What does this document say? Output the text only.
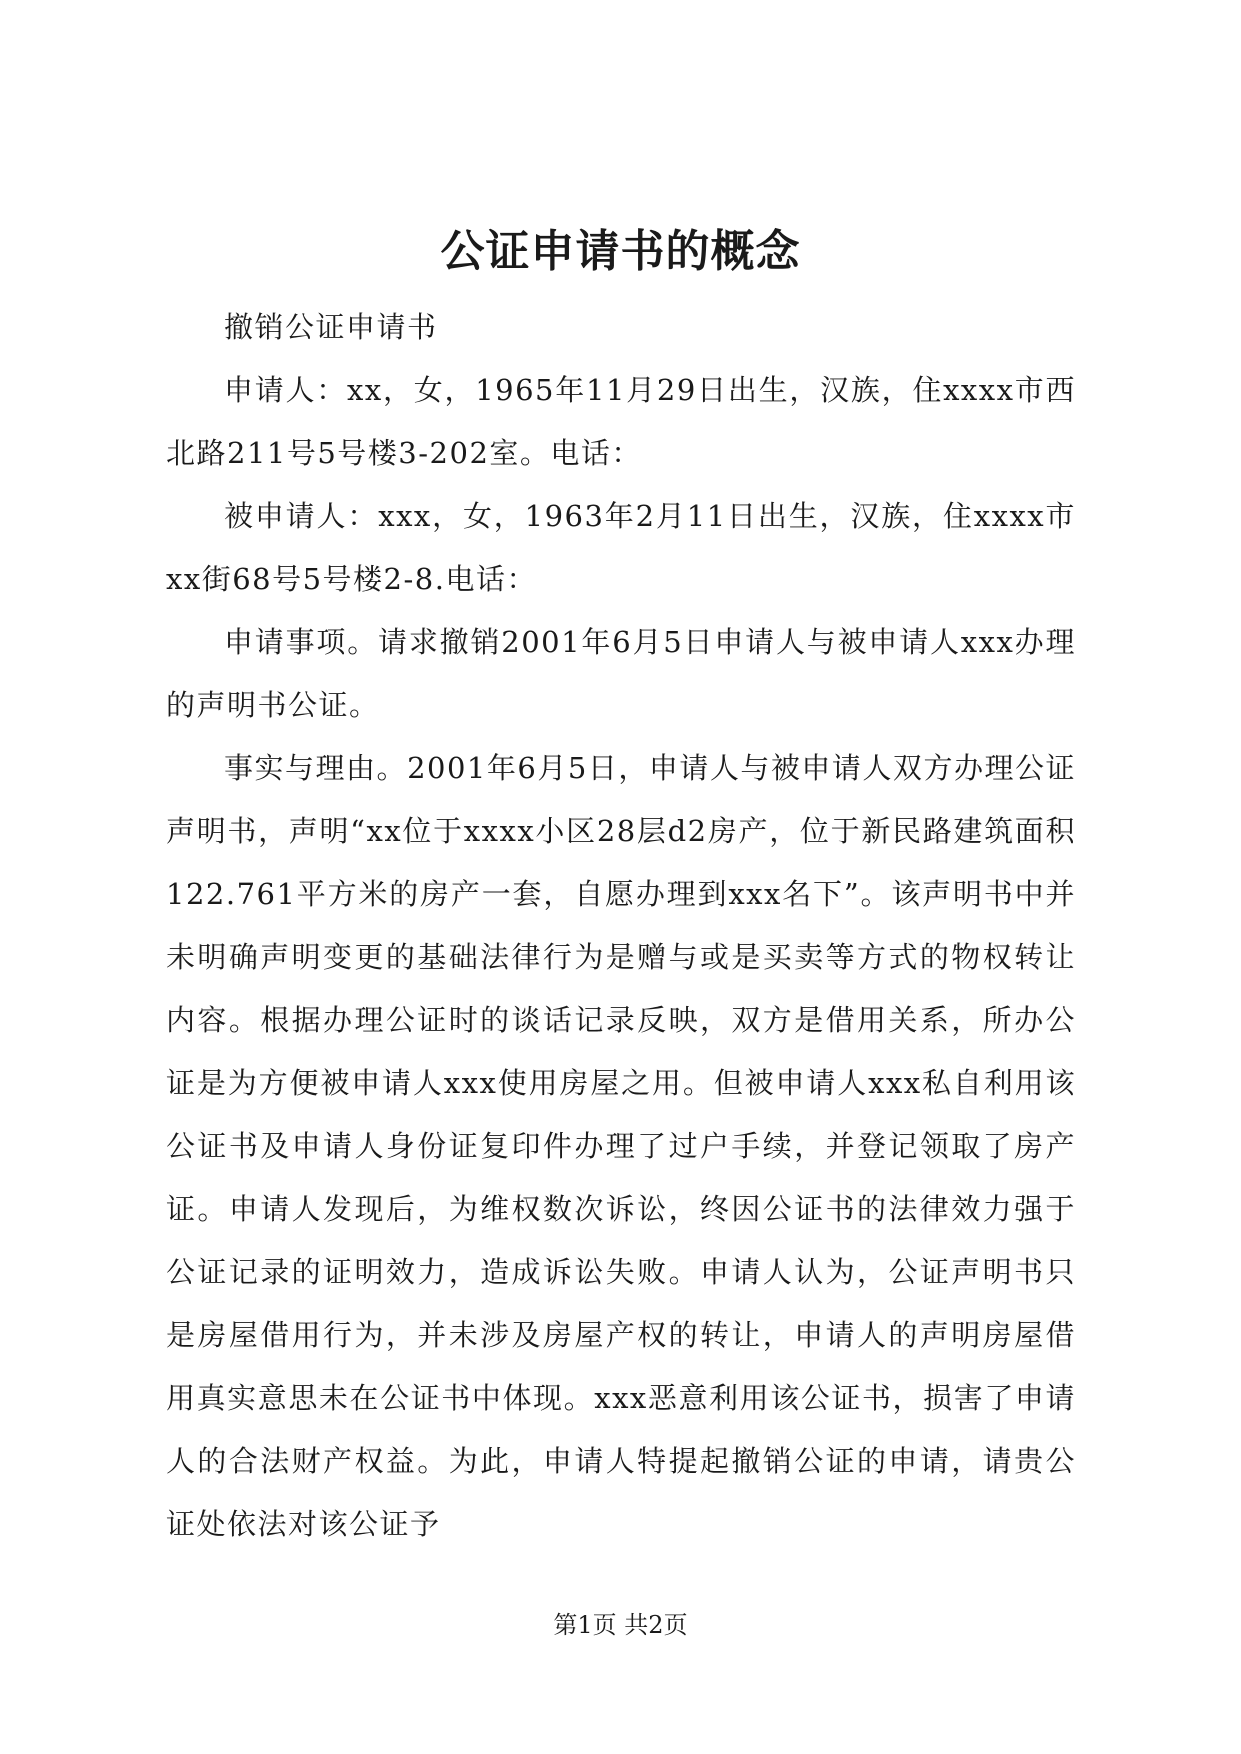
公证申请书的概念

撤销公证申请书

申请人：xx，女，1965年11月29日出生，汉族，住xxxx市西北路211号5号楼3-202室。电话：

被申请人：xxx，女，1963年2月11日出生，汉族，住xxxx市xx街68号5号楼2-8.电话：

申请事项。请求撤销2001年6月5日申请人与被申请人xxx办理的声明书公证。

事实与理由。2001年6月5日，申请人与被申请人双方办理公证声明书，声明“xx位于xxxx小区28层d2房产，位于新民路建筑面积122.761平方米的房产一套，自愿办理到xxx名下”。该声明书中并未明确声明变更的基础法律行为是赠与或是买卖等方式的物权转让内容。根据办理公证时的谈话记录反映，双方是借用关系，所办公证是为方便被申请人xxx使用房屋之用。但被申请人xxx私自利用该公证书及申请人身份证复印件办理了过户手续，并登记领取了房产证。申请人发现后，为维权数次诉讼，终因公证书的法律效力强于公证记录的证明效力，造成诉讼失败。申请人认为，公证声明书只是房屋借用行为，并未涉及房屋产权的转让，申请人的声明房屋借用真实意思未在公证书中体现。xxx恶意利用该公证书，损害了申请人的合法财产权益。为此，申请人特提起撤销公证的申请，请贵公证处依法对该公证予

第1页 共2页
